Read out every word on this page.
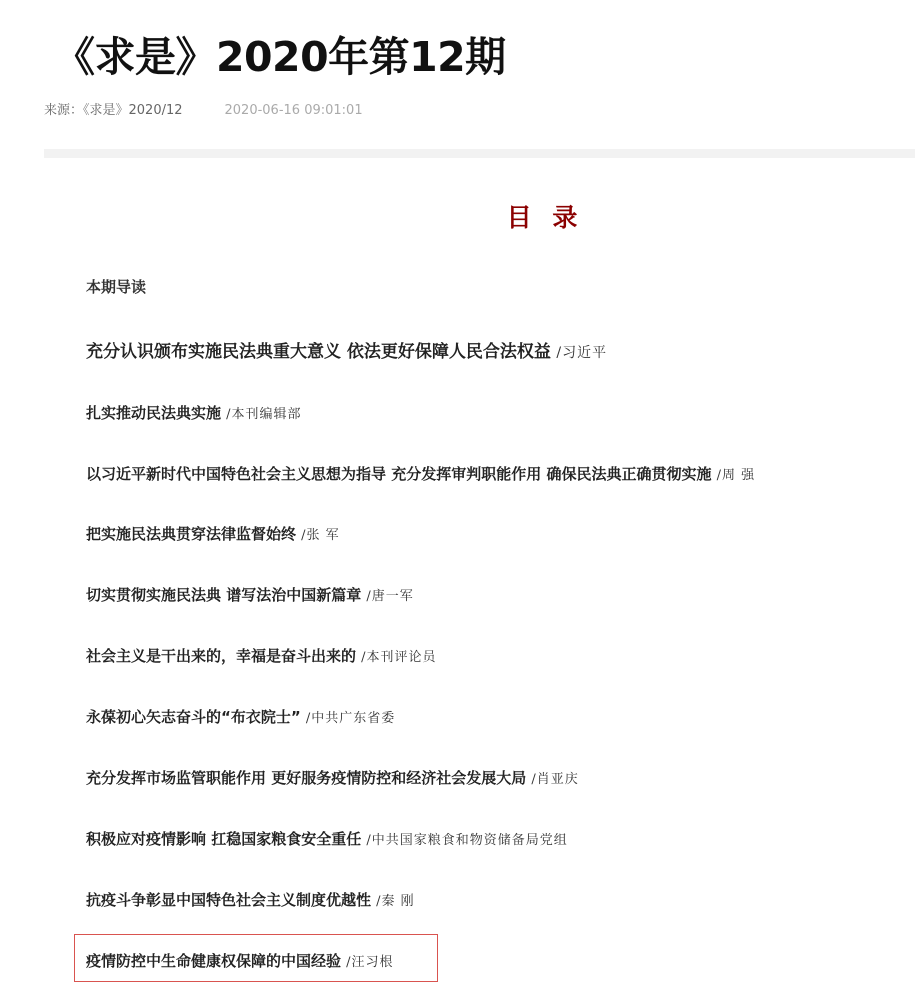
《求是》2020年第12期
来源：《求是》2020/12	2020-06-16 09:01:01
目 录
本期导读
充分认识颁布实施民法典重大意义 依法更好保障人民合法权益 /习近平
扎实推动民法典实施 /本刊编辑部
以习近平新时代中国特色社会主义思想为指导 充分发挥审判职能作用 确保民法典正确贯彻实施 /周 强
把实施民法典贯穿法律监督始终 /张 军
切实贯彻实施民法典 谱写法治中国新篇章 /唐一军
社会主义是干出来的，幸福是奋斗出来的 /本刊评论员
永葆初心矢志奋斗的“布衣院士” /中共广东省委
充分发挥市场监管职能作用 更好服务疫情防控和经济社会发展大局 /肖亚庆
积极应对疫情影响 扛稳国家粮食安全重任 /中共国家粮食和物资储备局党组
抗疫斗争彰显中国特色社会主义制度优越性 /秦 刚
疫情防控中生命健康权保障的中国经验 /汪习根
